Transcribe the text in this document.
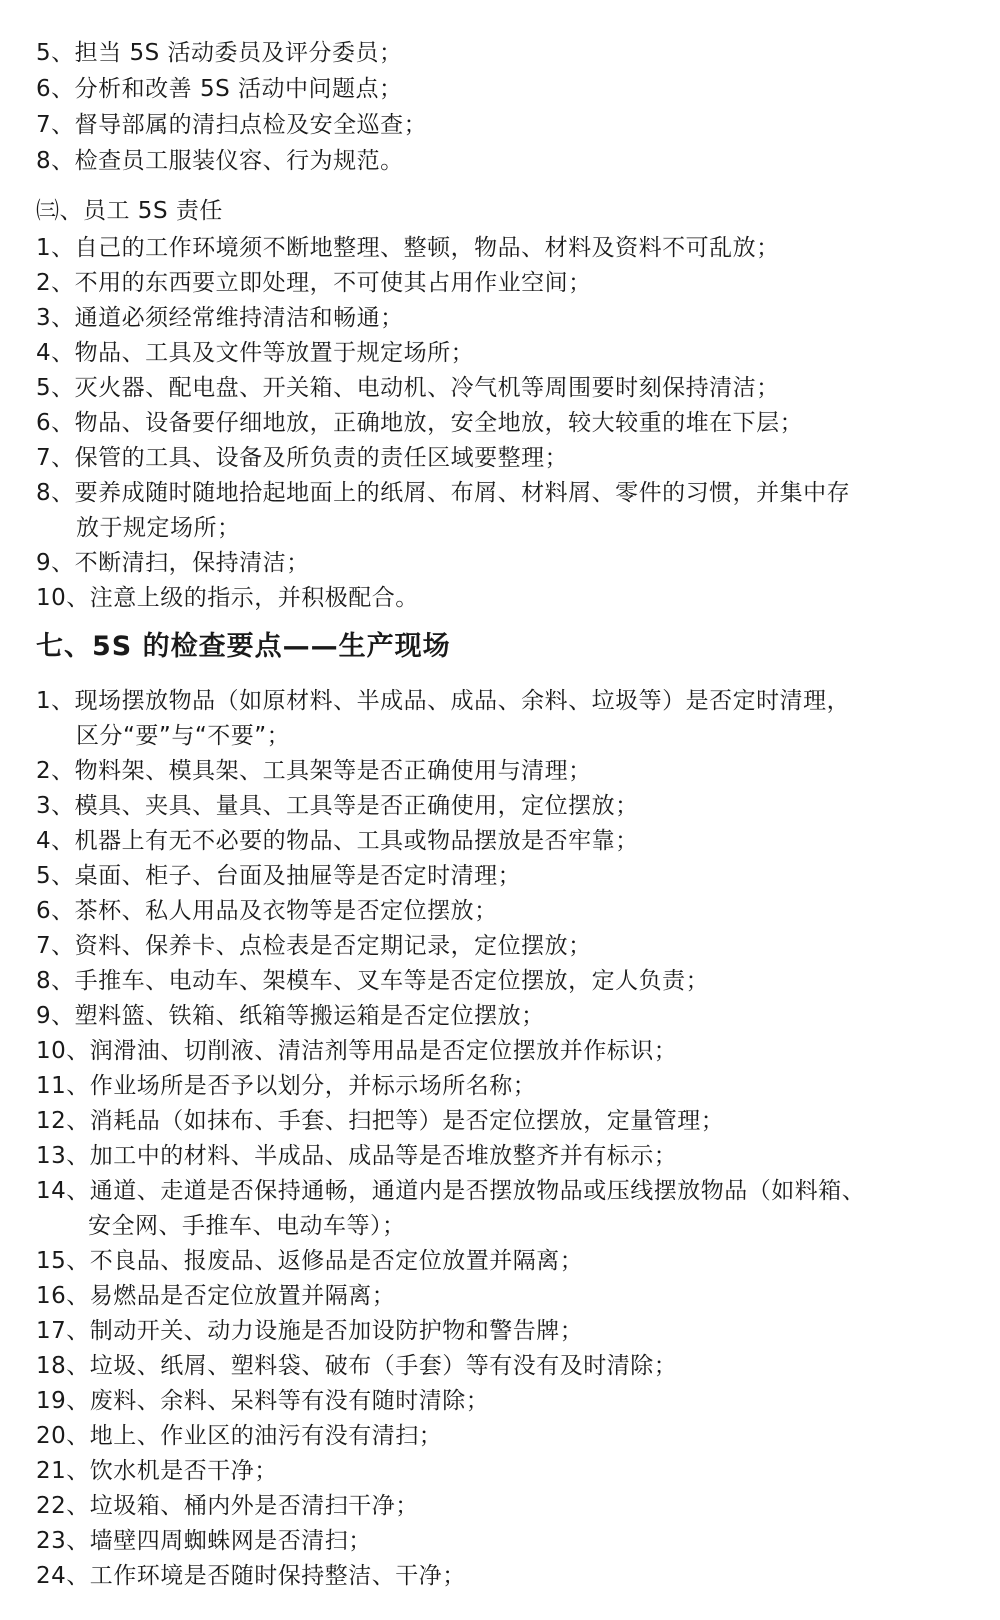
5、担当 5S 活动委员及评分委员；
6、分析和改善 5S 活动中问题点；
7、督导部属的清扫点检及安全巡查；
8、检查员工服装仪容、行为规范。
㈢、员工 5S 责任
1、自己的工作环境须不断地整理、整顿，物品、材料及资料不可乱放；
2、不用的东西要立即处理，不可使其占用作业空间；
3、通道必须经常维持清洁和畅通；
4、物品、工具及文件等放置于规定场所；
5、灭火器、配电盘、开关箱、电动机、冷气机等周围要时刻保持清洁；
6、物品、设备要仔细地放，正确地放，安全地放，较大较重的堆在下层；
7、保管的工具、设备及所负责的责任区域要整理；
8、要养成随时随地拾起地面上的纸屑、布屑、材料屑、零件的习惯，并集中存
放于规定场所；
9、不断清扫，保持清洁；
10、注意上级的指示，并积极配合。
七、5S 的检查要点——生产现场
1、现场摆放物品（如原材料、半成品、成品、余料、垃圾等）是否定时清理，
区分“要”与“不要”；
2、物料架、模具架、工具架等是否正确使用与清理；
3、模具、夹具、量具、工具等是否正确使用，定位摆放；
4、机器上有无不必要的物品、工具或物品摆放是否牢靠；
5、桌面、柜子、台面及抽屉等是否定时清理；
6、茶杯、私人用品及衣物等是否定位摆放；
7、资料、保养卡、点检表是否定期记录，定位摆放；
8、手推车、电动车、架模车、叉车等是否定位摆放，定人负责；
9、塑料篮、铁箱、纸箱等搬运箱是否定位摆放；
10、润滑油、切削液、清洁剂等用品是否定位摆放并作标识；
11、作业场所是否予以划分，并标示场所名称；
12、消耗品（如抹布、手套、扫把等）是否定位摆放，定量管理；
13、加工中的材料、半成品、成品等是否堆放整齐并有标示；
14、通道、走道是否保持通畅，通道内是否摆放物品或压线摆放物品（如料箱、
安全网、手推车、电动车等）；
15、不良品、报废品、返修品是否定位放置并隔离；
16、易燃品是否定位放置并隔离；
17、制动开关、动力设施是否加设防护物和警告牌；
18、垃圾、纸屑、塑料袋、破布（手套）等有没有及时清除；
19、废料、余料、呆料等有没有随时清除；
20、地上、作业区的油污有没有清扫；
21、饮水机是否干净；
22、垃圾箱、桶内外是否清扫干净；
23、墙壁四周蜘蛛网是否清扫；
24、工作环境是否随时保持整洁、干净；
